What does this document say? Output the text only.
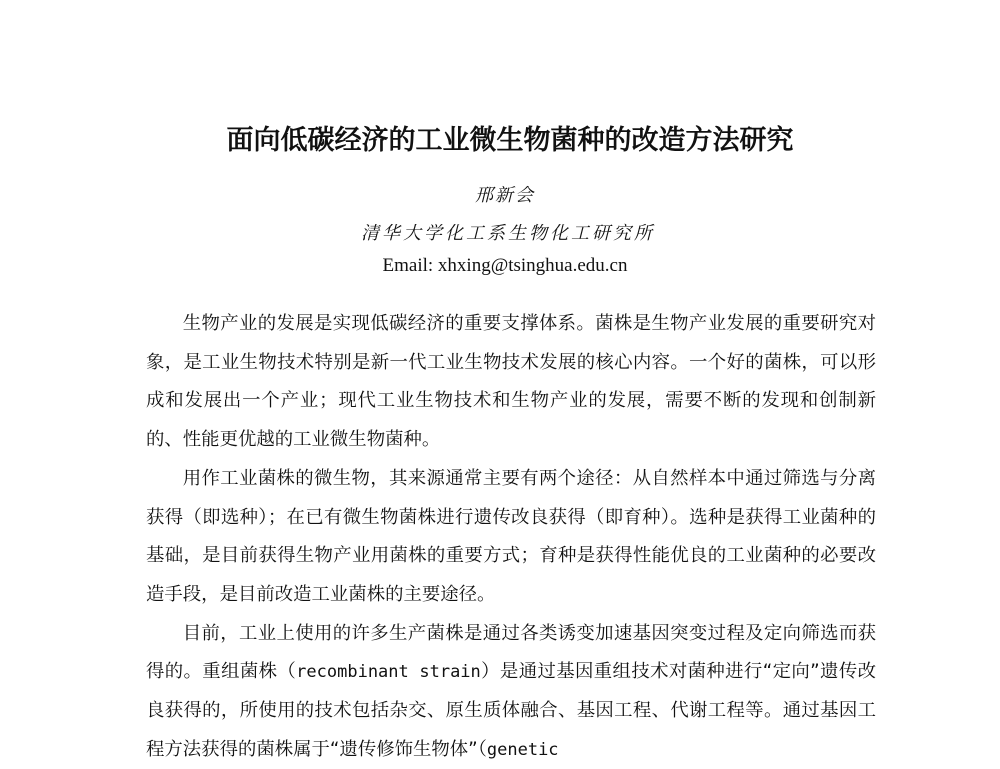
面向低碳经济的工业微生物菌种的改造方法研究
邢新会
清华大学化工系生物化工研究所
Email: xhxing@tsinghua.edu.cn

生物产业的发展是实现低碳经济的重要支撑体系。菌株是生物产业发展的重要研究对象，是工业生物技术特别是新一代工业生物技术发展的核心内容。一个好的菌株，可以形成和发展出一个产业；现代工业生物技术和生物产业的发展，需要不断的发现和创制新的、性能更优越的工业微生物菌种。

用作工业菌株的微生物，其来源通常主要有两个途径：从自然样本中通过筛选与分离获得（即选种）；在已有微生物菌株进行遗传改良获得（即育种）。选种是获得工业菌种的基础，是目前获得生物产业用菌株的重要方式；育种是获得性能优良的工业菌种的必要改造手段，是目前改造工业菌株的主要途径。

目前，工业上使用的许多生产菌株是通过各类诱变加速基因突变过程及定向筛选而获得的。重组菌株（recombinant strain）是通过基因重组技术对菌种进行“定向”遗传改良获得的，所使用的技术包括杂交、原生质体融合、基因工程、代谢工程等。通过基因工程方法获得的菌株属于“遗传修饰生物体”（genetic
